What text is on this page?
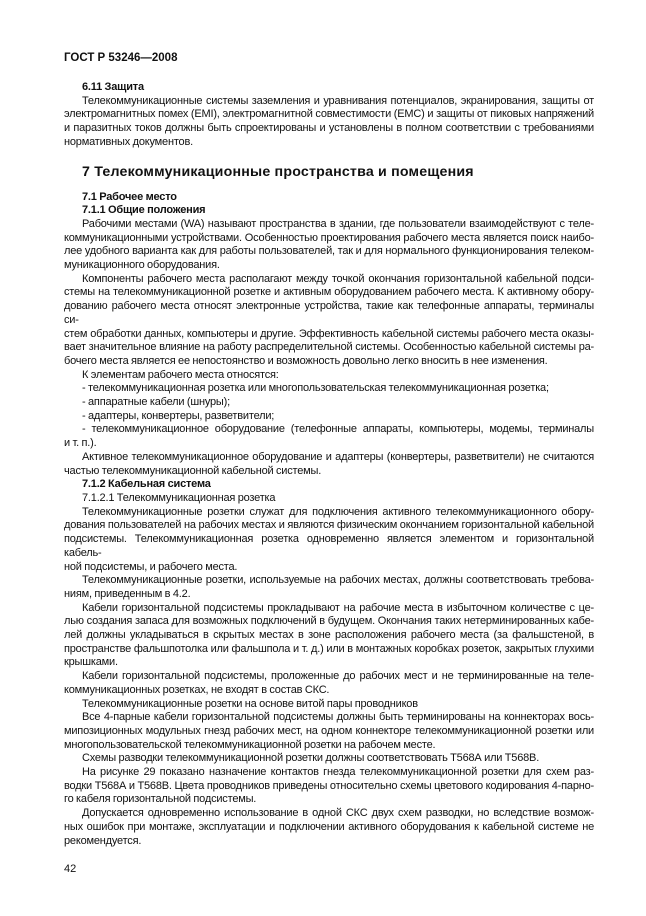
ГОСТ Р 53246—2008
6.11 Защита
Телекоммуникационные системы заземления и уравнивания потенциалов, экранирования, защиты от
электромагнитных помех (EMI), электромагнитной совместимости (EMC) и защиты от пиковых напряжений
и паразитных токов должны быть спроектированы и установлены в полном соответствии с требованиями
нормативных документов.
7 Телекоммуникационные пространства и помещения
7.1 Рабочее место
7.1.1 Общие положения
Рабочими местами (WA) называют пространства в здании, где пользователи взаимодействуют с теле-
коммуникационными устройствами. Особенностью проектирования рабочего места является поиск наибо-
лее удобного варианта как для работы пользователей, так и для нормального функционирования телеком-
муникационного оборудования.
Компоненты рабочего места располагают между точкой окончания горизонтальной кабельной подси-
стемы на телекоммуникационной розетке и активным оборудованием рабочего места. К активному обору-
дованию рабочего места относят электронные устройства, такие как телефонные аппараты, терминалы си-
стем обработки данных, компьютеры и другие. Эффективность кабельной системы рабочего места оказы-
вает значительное влияние на работу распределительной системы. Особенностью кабельной системы ра-
бочего места является ее непостоянство и возможность довольно легко вносить в нее изменения.
К элементам рабочего места относятся:
- телекоммуникационная розетка или многопользовательская телекоммуникационная розетка;
- аппаратные кабели (шнуры);
- адаптеры, конвертеры, разветвители;
- телекоммуникационное оборудование (телефонные аппараты, компьютеры, модемы, терминалы
и т. п.).
Активное телекоммуникационное оборудование и адаптеры (конвертеры, разветвители) не считаются
частью телекоммуникационной кабельной системы.
7.1.2 Кабельная система
7.1.2.1 Телекоммуникационная розетка
Телекоммуникационные розетки служат для подключения активного телекоммуникационного обору-
дования пользователей на рабочих местах и являются физическим окончанием горизонтальной кабельной
подсистемы. Телекоммуникационная розетка одновременно является элементом и горизонтальной кабель-
ной подсистемы, и рабочего места.
Телекоммуникационные розетки, используемые на рабочих местах, должны соответствовать требова-
ниям, приведенным в 4.2.
Кабели горизонтальной подсистемы прокладывают на рабочие места в избыточном количестве с це-
лью создания запаса для возможных подключений в будущем. Окончания таких нетерминированных кабе-
лей должны укладываться в скрытых местах в зоне расположения рабочего места (за фальшстеной, в
пространстве фальшпотолка или фальшпола и т. д.) или в монтажных коробках розеток, закрытых глухими
крышками.
Кабели горизонтальной подсистемы, проложенные до рабочих мест и не терминированные на теле-
коммуникационных розетках, не входят в состав СКС.
Телекоммуникационные розетки на основе витой пары проводников
Все 4-парные кабели горизонтальной подсистемы должны быть терминированы на коннекторах вось-
мипозиционных модульных гнезд рабочих мест, на одном коннекторе телекоммуникационной розетки или
многопользовательской телекоммуникационной розетки на рабочем месте.
Схемы разводки телекоммуникационной розетки должны соответствовать Т568А или Т568В.
На рисунке 29 показано назначение контактов гнезда телекоммуникационной розетки для схем раз-
водки Т568А и Т568В. Цвета проводников приведены относительно схемы цветового кодирования 4-парно-
го кабеля горизонтальной подсистемы.
Допускается одновременно использование в одной СКС двух схем разводки, но вследствие возмож-
ных ошибок при монтаже, эксплуатации и подключении активного оборудования к кабельной системе не
рекомендуется.
42
